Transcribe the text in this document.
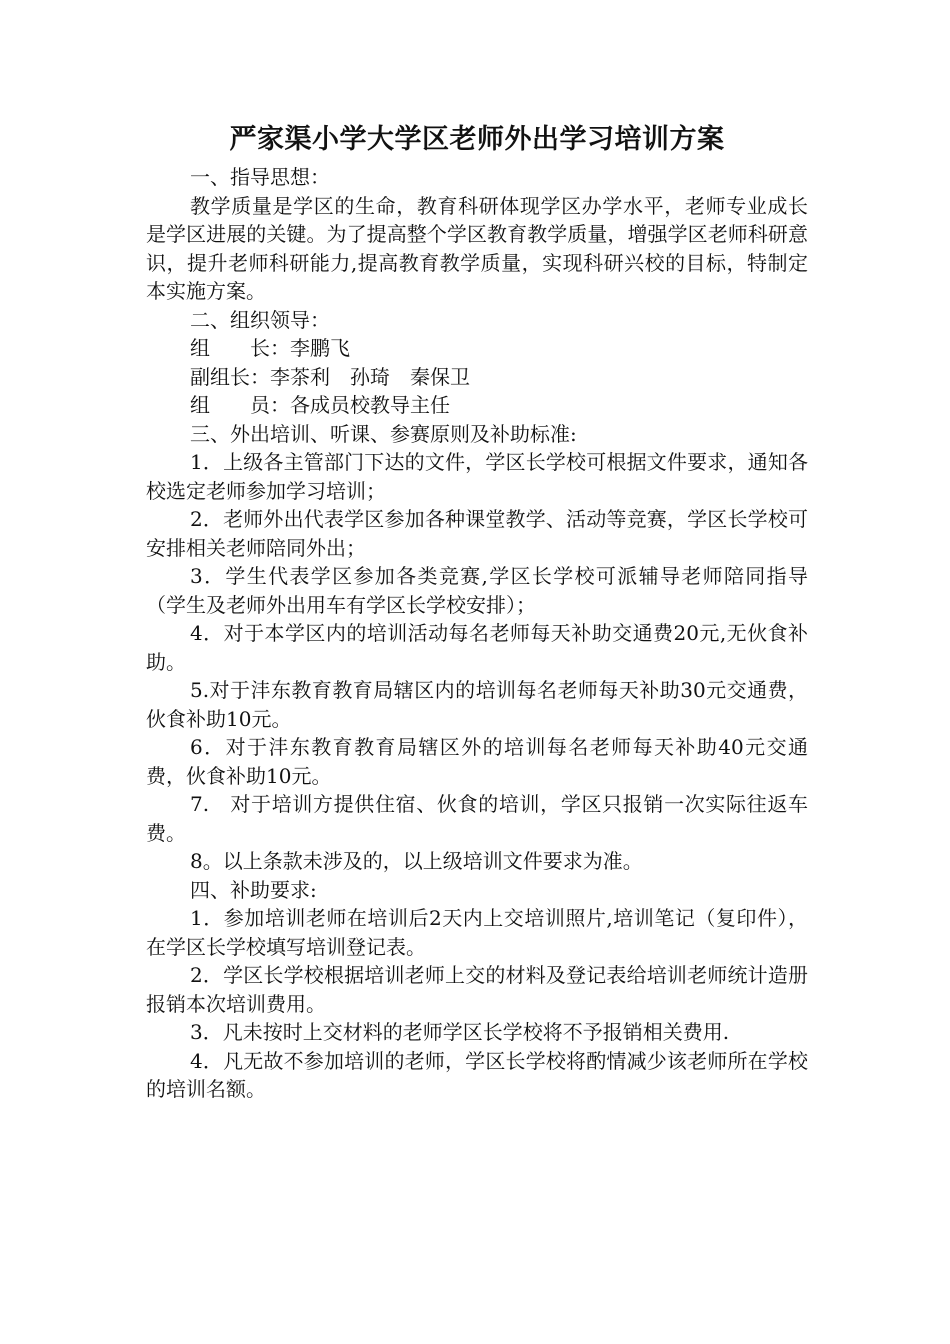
严家渠小学大学区老师外出学习培训方案

一、指导思想：

教学质量是学区的生命，教育科研体现学区办学水平，老师专业成长是学区进展的关键。为了提高整个学区教育教学质量，增强学区老师科研意识，提升老师科研能力,提高教育教学质量，实现科研兴校的目标，特制定本实施方案。

二、组织领导：

组　　长：李鹏飞

副组长：李茶利　孙琦　秦保卫

组　　员：各成员校教导主任

三、外出培训、听课、参赛原则及补助标准:

1．上级各主管部门下达的文件，学区长学校可根据文件要求，通知各校选定老师参加学习培训；

2．老师外出代表学区参加各种课堂教学、活动等竞赛，学区长学校可安排相关老师陪同外出；

3．学生代表学区参加各类竞赛,学区长学校可派辅导老师陪同指导（学生及老师外出用车有学区长学校安排）；

4．对于本学区内的培训活动每名老师每天补助交通费20元,无伙食补助。

5.对于沣东教育教育局辖区内的培训每名老师每天补助30元交通费，伙食补助10元。

6．对于沣东教育教育局辖区外的培训每名老师每天补助40元交通费，伙食补助10元。

7.　对于培训方提供住宿、伙食的培训，学区只报销一次实际往返车费。

8。以上条款未涉及的，以上级培训文件要求为准。

四、补助要求:

1．参加培训老师在培训后2天内上交培训照片,培训笔记（复印件），在学区长学校填写培训登记表。

2．学区长学校根据培训老师上交的材料及登记表给培训老师统计造册报销本次培训费用。

3．凡未按时上交材料的老师学区长学校将不予报销相关费用.

4．凡无故不参加培训的老师，学区长学校将酌情减少该老师所在学校的培训名额。
